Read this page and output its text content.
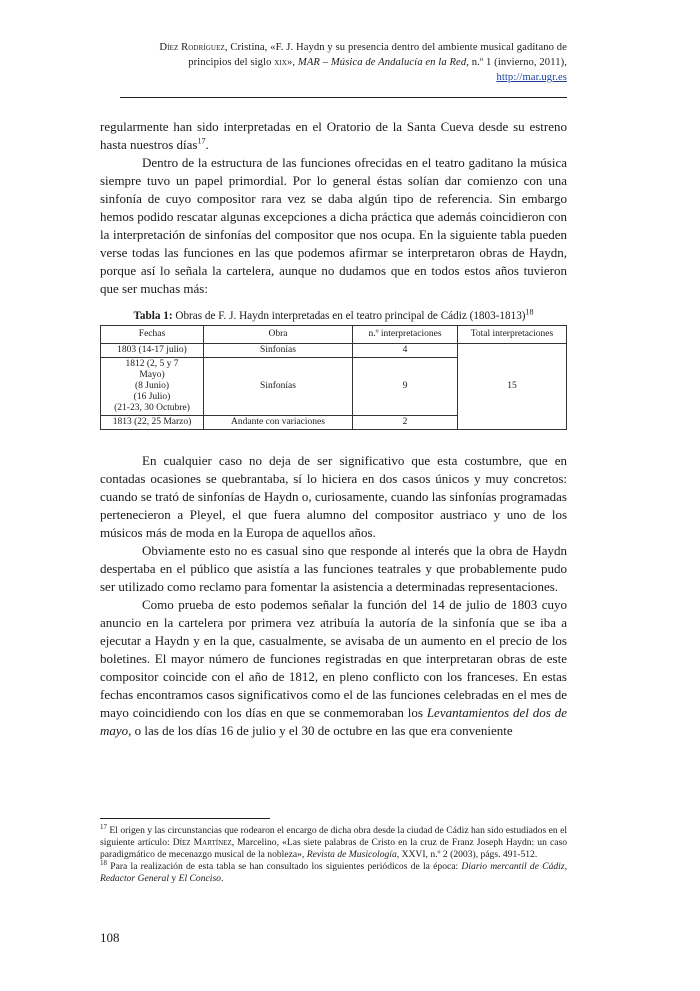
Díez Rodríguez, Cristina, «F. J. Haydn y su presencia dentro del ambiente musical gaditano de
principios del siglo xix», MAR – Música de Andalucía en la Red, n.º 1 (invierno, 2011),
http://mar.ugr.es

regularmente han sido interpretadas en el Oratorio de la Santa Cueva desde su estreno hasta nuestros días$^{17}$.

Dentro de la estructura de las funciones ofrecidas en el teatro gaditano la música siempre tuvo un papel primordial. Por lo general éstas solían dar comienzo con una sinfonía de cuyo compositor rara vez se daba algún tipo de referencia. Sin embargo hemos podido rescatar algunas excepciones a dicha práctica que además coincidieron con la interpretación de sinfonías del compositor que nos ocupa. En la siguiente tabla pueden verse todas las funciones en las que podemos afirmar se interpretaron obras de Haydn, porque así lo señala la cartelera, aunque no dudamos que en todos estos años tuvieron que ser muchas más:

Tabla 1: Obras de F. J. Haydn interpretadas en el teatro principal de Cádiz (1803-1813)$^{18}$
Fechas	Obra	n.º interpretaciones	Total interpretaciones
1803 (14-17 julio)	Sinfonías	4	15

1812 (2, 5 y 7
Mayo)
(8 Junio)
(16 Julio)
(21-23, 30 Octubre)	Sinfonías	9	
1813 (22, 25 Marzo)	Andante con variaciones	2	

En cualquier caso no deja de ser significativo que esta costumbre, que en contadas ocasiones se quebrantaba, sí lo hiciera en dos casos únicos y muy concretos: cuando se trató de sinfonías de Haydn o, curiosamente, cuando las sinfonías programadas pertenecieron a Pleyel, el que fuera alumno del compositor austriaco y uno de los músicos más de moda en la Europa de aquellos años.

Obviamente esto no es casual sino que responde al interés que la obra de Haydn despertaba en el público que asistía a las funciones teatrales y que probablemente pudo ser utilizado como reclamo para fomentar la asistencia a determinadas representaciones.

Como prueba de esto podemos señalar la función del 14 de julio de 1803 cuyo anuncio en la cartelera por primera vez atribuía la autoría de la sinfonía que se iba a ejecutar a Haydn y en la que, casualmente, se avisaba de un aumento en el precio de los boletines. El mayor número de funciones registradas en que interpretaran obras de este compositor coincide con el año de 1812, en pleno conflicto con los franceses. En estas fechas encontramos casos significativos como el de las funciones celebradas en el mes de mayo coincidiendo con los días en que se conmemoraban los Levantamientos del dos de mayo, o las de los días 16 de julio y el 30 de octubre en las que era conveniente

$^{17}$ El origen y las circunstancias que rodearon el encargo de dicha obra desde la ciudad de Cádiz han sido estudiados en el siguiente artículo: Díez Martínez, Marcelino, «Las siete palabras de Cristo en la cruz de Franz Joseph Haydn: un caso paradigmático de mecenazgo musical de la nobleza», Revista de Musicología, XXVI, n.º 2 (2003), págs. 491-512.

$^{18}$ Para la realización de esta tabla se han consultado los siguientes periódicos de la época: Diario mercantil de Cádiz, Redactor General y El Conciso.

108
